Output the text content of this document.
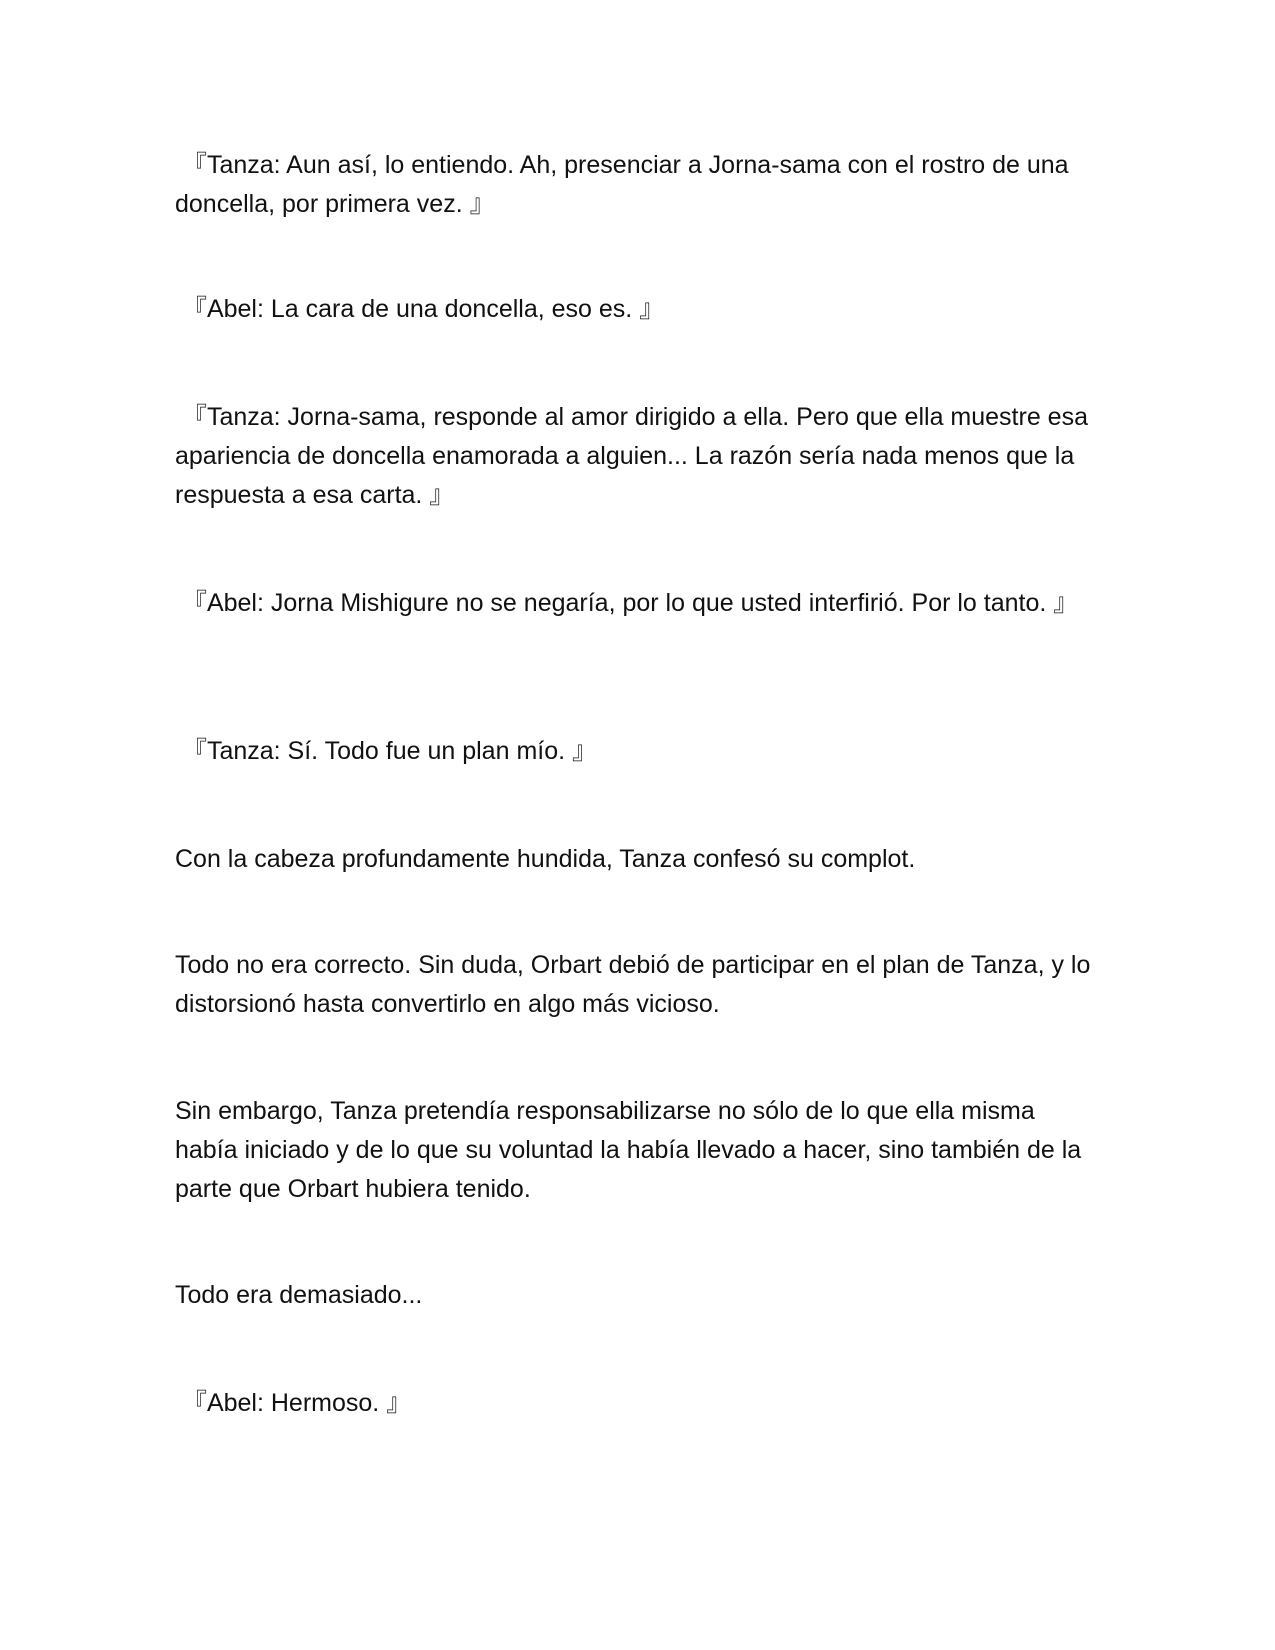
『Tanza: Aun así, lo entiendo. Ah, presenciar a Jorna-sama con el rostro de una doncella, por primera vez. 』

『Abel: La cara de una doncella, eso es. 』

『Tanza: Jorna-sama, responde al amor dirigido a ella. Pero que ella muestre esa apariencia de doncella enamorada a alguien... La razón sería nada menos que la respuesta a esa carta. 』

『Abel: Jorna Mishigure no se negaría, por lo que usted interfirió. Por lo tanto. 』

『Tanza: Sí. Todo fue un plan mío. 』

Con la cabeza profundamente hundida, Tanza confesó su complot.

Todo no era correcto. Sin duda, Orbart debió de participar en el plan de Tanza, y lo distorsionó hasta convertirlo en algo más vicioso.

Sin embargo, Tanza pretendía responsabilizarse no sólo de lo que ella misma había iniciado y de lo que su voluntad la había llevado a hacer, sino también de la parte que Orbart hubiera tenido.

Todo era demasiado...

『Abel: Hermoso. 』
